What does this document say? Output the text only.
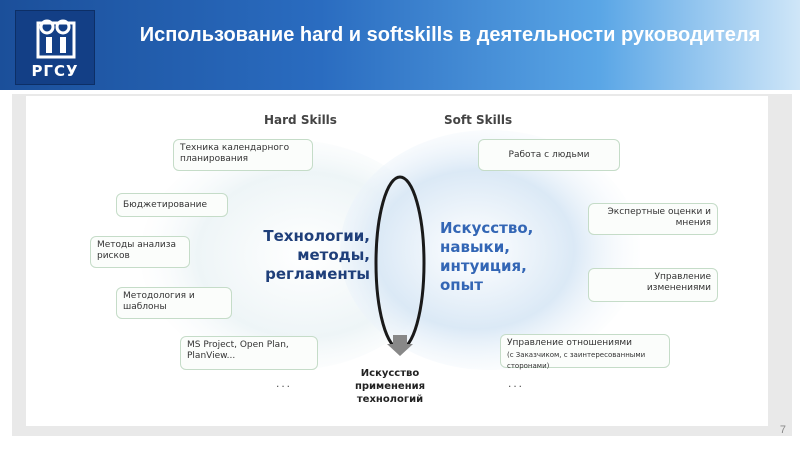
РГСУ
Использование hard и softskills в деятельности руководителя
Hard Skills	Soft Skills
Техника календарного планирования
Бюджетирование
Методы анализа рисков
Методология и шаблоны
MS Project, Open Plan, PlanView...
...
Работа с людьми
Экспертные оценки и мнения
Управление изменениями
Управление отношениями
(с Заказчиком, с заинтересованными сторонами)
...
Технологии, методы, регламенты
Искусство, навыки, интуиция, опыт
Искусство применения технологий
7
